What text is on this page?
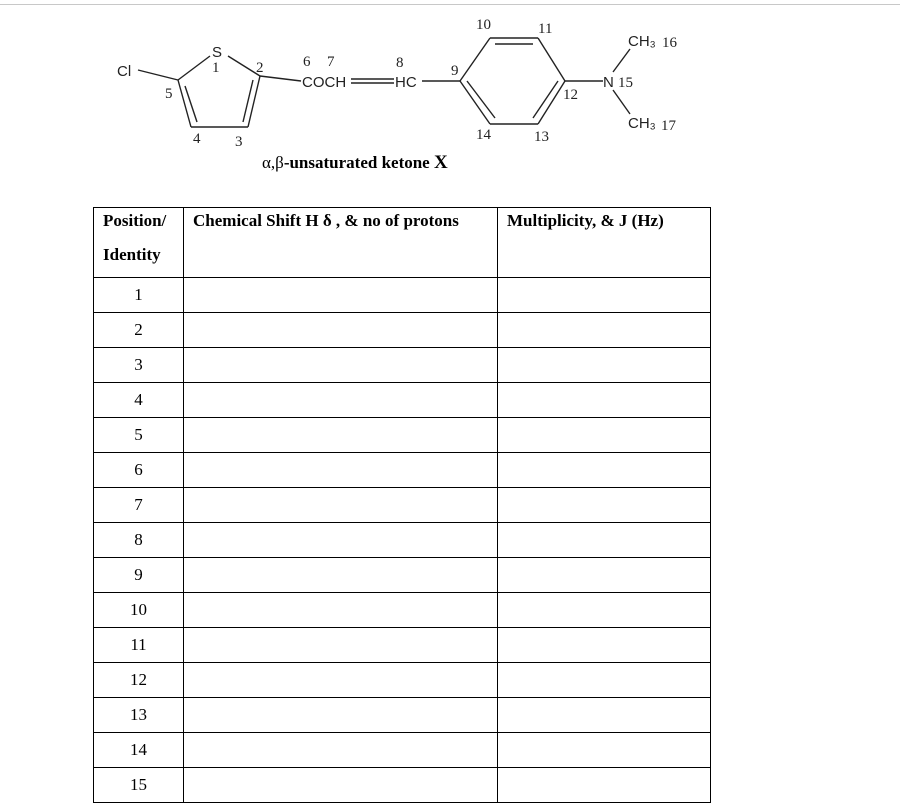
Cl
S
COCH	HC	N
CH₃
CH₃
1 2
3
4
5
6 7	8	9
10	11
12
13
14
15
16
17
α,β-unsaturated ketone X
Position/
Identity	Chemical Shift H δ , & no of protons	Multiplicity, & J (Hz)
1		
2		
3		
4		
5		
6		
7		
8		
9		
10		
11		
12		
13		
14		
15		
